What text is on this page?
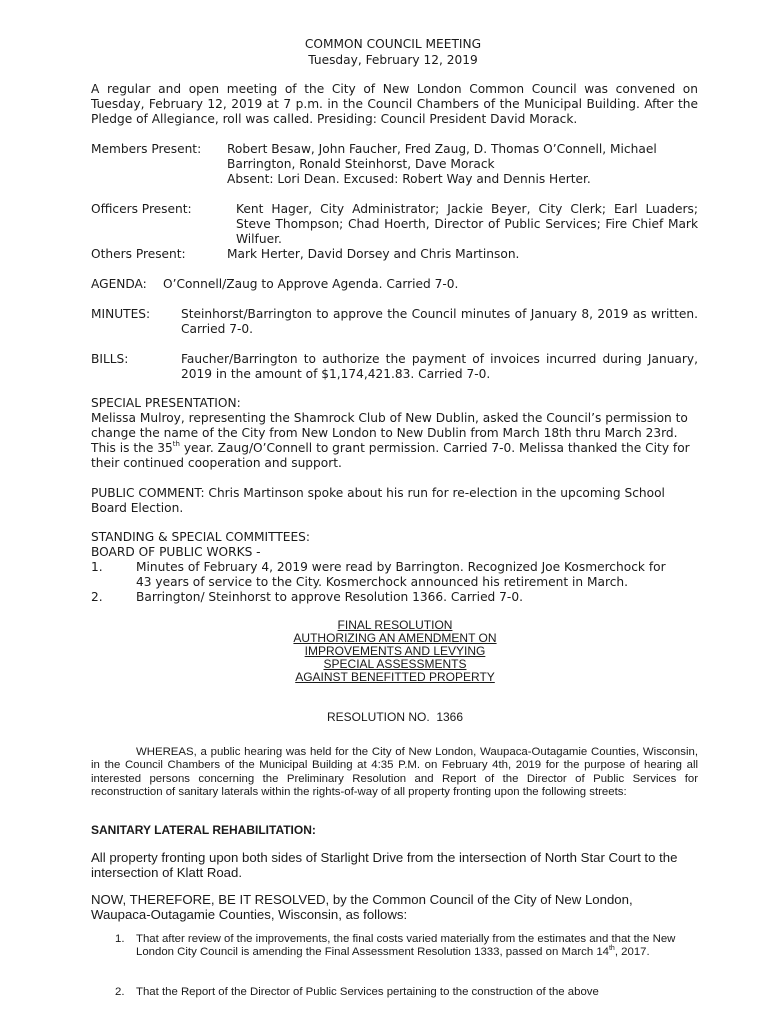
COMMON COUNCIL MEETING
Tuesday, February 12, 2019
A regular and open meeting of the City of New London Common Council was convened on Tuesday, February 12, 2019 at 7 p.m. in the Council Chambers of the Municipal Building. After the Pledge of Allegiance, roll was called. Presiding: Council President David Morack.
Members Present: Robert Besaw, John Faucher, Fred Zaug, D. Thomas O’Connell, Michael
Barrington, Ronald Steinhorst, Dave Morack
Absent: Lori Dean. Excused: Robert Way and Dennis Herter.
Officers Present:	Kent Hager, City Administrator; Jackie Beyer, City Clerk; Earl Luaders; Steve Thompson; Chad Hoerth, Director of Public Services; Fire Chief Mark Wilfuer.
Others Present:	Mark Herter, David Dorsey and Chris Martinson.
AGENDA: O’Connell/Zaug to Approve Agenda. Carried 7-0.
MINUTES:	Steinhorst/Barrington to approve the Council minutes of January 8, 2019 as written. Carried 7-0.
BILLS:	Faucher/Barrington to authorize the payment of invoices incurred during January, 2019 in the amount of $1,174,421.83. Carried 7-0.
SPECIAL PRESENTATION:
Melissa Mulroy, representing the Shamrock Club of New Dublin, asked the Council’s permission to change the name of the City from New London to New Dublin from March 18th thru March 23rd. This is the 35th year. Zaug/O’Connell to grant permission. Carried 7-0. Melissa thanked the City for their continued cooperation and support.
PUBLIC COMMENT: Chris Martinson spoke about his run for re-election in the upcoming School Board Election.
STANDING & SPECIAL COMMITTEES:
BOARD OF PUBLIC WORKS -
1.	Minutes of February 4, 2019 were read by Barrington. Recognized Joe Kosmerchock for 43 years of service to the City. Kosmerchock announced his retirement in March.
2.	Barrington/ Steinhorst to approve Resolution 1366. Carried 7-0.
FINAL RESOLUTION
AUTHORIZING AN AMENDMENT ON
IMPROVEMENTS AND LEVYING
SPECIAL ASSESSMENTS
AGAINST BENEFITTED PROPERTY
RESOLUTION NO.  1366
WHEREAS, a public hearing was held for the City of New London, Waupaca-Outagamie Counties, Wisconsin, in the Council Chambers of the Municipal Building at 4:35 P.M. on February 4th, 2019 for the purpose of hearing all interested persons concerning the Preliminary Resolution and Report of the Director of Public Services for reconstruction of sanitary laterals within the rights-of-way of all property fronting upon the following streets:
SANITARY LATERAL REHABILITATION:
All property fronting upon both sides of Starlight Drive from the intersection of North Star Court to the intersection of Klatt Road.
NOW, THEREFORE, BE IT RESOLVED, by the Common Council of the City of New London, Waupaca-Outagamie Counties, Wisconsin, as follows:
1. That after review of the improvements, the final costs varied materially from the estimates and that the New London City Council is amending the Final Assessment Resolution 1333, passed on March 14th, 2017.
2. That the Report of the Director of Public Services pertaining to the construction of the above
